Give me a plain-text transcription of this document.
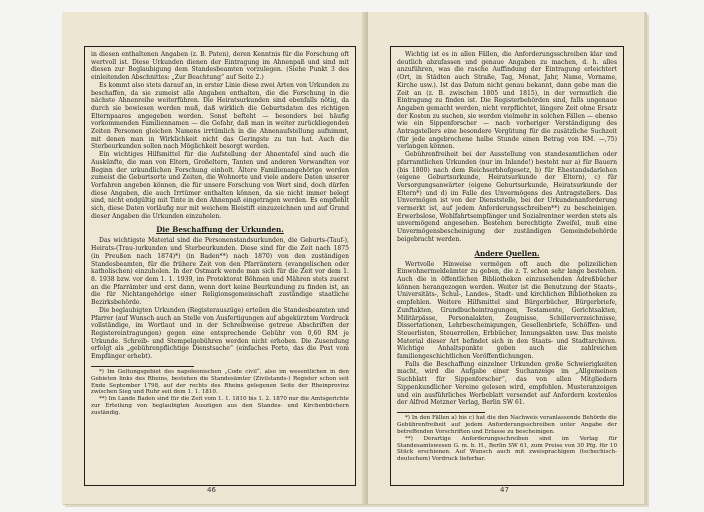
in diesen enthaltenen Angaben (z. B. Paten), deren Kenntnis für die Forschung oft wertvoll ist. Diese Urkunden dienen der Eintragung im Ahnenpaß und sind mit diesen zur Beglaubigung dem Standesbeamten vorzulegen. (Siehe Punkt 3 des einleitenden Abschnittes: „Zur Beachtung“ auf Seite 2.)

Es kommt also stets darauf an, in erster Linie diese zwei Arten von Urkunden zu beschaffen, da sie zumeist alle Angaben enthalten, die die Forschung in die nächste Ahnenreihe weiterführen. Die Heiratsurkunden sind ebenfalls nötig, da durch sie bewiesen werden muß, daß wirklich die Geburtsdaten des richtigen Elternpaares angegeben werden. Sonst befteht — besonders bei häufig vorkommenden Familiennamen — die Gefahr, daß man in weiter zurückliegenden Zeiten Personen gleichen Namens irrtümlich in die Ahnenaufstellung aufnimmt, mit denen man in Wirklichkeit nicht das Geringste zu tun hat. Auch die Sterbeurkunden sollen nach Möglichkeit besorgt werden.

Ein wichtiges Hilfsmittel für die Aufstellung der Ahnentafel sind auch die Auskünfte, die man von Eltern, Großeltern, Tanten und anderen Verwandten vor Beginn der urkundlichen Forschung einholt. Ältere Familienangehörige werden zumeist die Geburtsorte und Zeiten, die Wohnorte und viele andere Daten unserer Vorfahren angeben können, die für unsere Forschung von Wert sind, doch dürfen diese Angaben, die auch Irrtümer enthalten können, da sie nicht immer belegt sind, nicht endgültig mit Tinte in den Ahnenpaß eingetragen werden. Es empfiehlt sich, diese Daten vorläufig nur mit weichem Bleistift einzuzeichnen und auf Grund dieser Angaben die Urkunden einzuholen.

Die Beschaffung der Urkunden.

Das wichtigste Material sind die Personenstandsurkunden, die Geburts-(Tauf-), Heirats-(Trau-)urkunden und Sterbeurkunden. Diese sind für die Zeit nach 1875 (in Preußen nach 1874)*) (in Baden**) nach 1870) von den zuständigen Standesbeamten, für die frühere Zeit von den Pfarrämtern (evangelischen oder katholischen) einzuholen. In der Ostmark wende man sich für die Zeit vor dem 1. 8. 1938 bzw. vor dem 1. 1. 1939, im Protektorat Böhmen und Mähren stets zuerst an die Pfarrämter und erst dann, wenn dort keine Beurkundung zu finden ist, an die für Nichtangehörige einer Religionsgemeinschaft zuständige staatliche Bezirksbehörde.

Die beglaubigten Urkunden (Registerauszüge) erteilen die Standesbeamten und Pfarrer (auf Wunsch auch an Stelle von Ausfertigungen auf abgekürztem Vordruck vollständige, im Wortlaut und in der Schreibweise getreue Abschriften der Registereintragungen) gegen eine entsprechende Gebühr von 0,60 RM je Urkunde. Schreib- und Stempelgebühren werden nicht erhoben. Die Zusendung erfolgt als „gebührenpflichtige Dienstsache“ (einfaches Porto, das die Post vom Empfänger erhebt).

*) Im Geltungsgebiet des napoleonischen „Code civil“, also im wesentlichen in den Gebieten links des Rheins, bestehen die Standesämter (Zivilstands-) Register schon seit Ende September 1798, auf der rechts des Rheins gelegenen Seite der Rheinprovinz zwischen Sieg und Ruhr seit dem 1. 1. 1810.

**) Im Lande Baden sind für die Zeit vom 1. 1. 1810 bis 1. 2. 1870 nur die Amtsgerichte zur Erteilung von beglaubigten Auszügen aus den Standes- und Kirchenbüchern zuständig.

46

Wichtig ist es in allen Fällen, die Anforderungsschreiben klar und deutlich abzufassen und genaue Angaben zu machen, d. h. alles anzuführen, was die rasche Auffindung der Eintragung erleichtert (Ort, in Städten auch Straße, Tag, Monat, Jahr, Name, Vorname, Kirche usw.). Ist das Datum nicht genau bekannt, dann gebe man die Zeit an (z. B. zwischen 1805 und 1815), in der vermutlich die Eintragung zu finden ist. Die Registerbehörden sind, falls ungenaue Angaben gemacht werden, nicht verpflichtet, längere Zeit ohne Ersatz der Kosten zu suchen, sie werden vielmehr in solchen Fällen — ebenso wie ein Sippenforscher — nach vorheriger Verständigung des Antragstellers eine besondere Vergütung für die zusätzliche Suchzeit (für jede angebrochene halbe Stunde einen Betrag von RM. —,75) verlangen können.

Gebührenfreiheit bei der Ausstellung von standesamtlichen oder pfarramtlichen Urkunden (nur im Inlande!) besteht nur a) für Bauern (bis 1800) nach dem Reichserbhofgesetz, b) für Ehestandsdarlehen (eigene Geburtsurkunde, Heiratsurkunde der Eltern), c) für Versorgungsanwärter (eigene Geburtsurkunde, Heiratsurkunde der Eltern*) und d) im Falle des Unvermögens des Antragstellers. Das Unvermögen ist von der Dienststelle, bei der Urkundenanforderung vermerkt ist, auf jedem Anforderungsschreiben**) zu bescheinigen. Erwerbslose, Wohlfahrtsempfänger und Sozialrentner werden stets als unvermögend angesehen. Bestehen berechtigte Zweifel, muß eine Unvermögensbescheinigung der zuständigen Gemeindebehörde beigebracht werden.

Andere Quellen.

Wertvolle Hinweise vermögen oft auch die polizeilichen Einwohnermeldeämter zu geben, die z. T. schon sehr lange bestehen. Auch die in öffentlichen Bibliotheken einzusehenden Adreßbücher können herangezogen werden. Weiter ist die Benutzung der Staats-, Universitäts-, Schul-, Landes-, Stadt- und kirchlichen Bibliotheken zu empfehlen. Weitere Hilfsmittel sind Bürgerbücher, Bürgerbriefe, Zunftakten, Grundbucheintragungen, Testamente, Gerichtsakten, Militärpässe, Personalakten, Zeugnisse, Schülerverzeichnisse, Dissertationen, Lehrbescheinigungen, Gesellenbriefe, Schöffen- und Steuerlisten, Steuerrollen, Erbbücher, Innungsakten usw. Das meiste Material dieser Art befindet sich in den Staats- und Stadtarchiven. Wichtige Anhaltspunkte geben auch die zahlreichen familiengeschichtlichen Veröffentlichungen.

Falls die Beschaffung einzelner Urkunden große Schwierigkeiten macht, wird die Aufgabe einer Suchanzeige im „Allgemeinen Suchblatt für Sippenforscher“, das von allen Mitgliedern Sippenkundlicher Vereine gelesen wird, empfohlen. Musteranzeigen und ein ausführliches Werbeblatt versendet auf Anfordern kostenlos der Alfred Metzner Verlag, Berlin SW 61.

*) In den Fällen a) bis c) hat die den Nachweis veranlassende Behörde die Gebührenfreiheit auf jedem Anforderungsschreiben unter Angabe der betreffenden Vorschriften und Erlasse zu bescheinigen.

**) Derartige Anforderungsschreiben sind im Verlag für Standesamtswesen G. m. b. H., Berlin SW 61, zum Preise von 30 Pfg. für 10 Stück erschienen. Auf Wunsch auch mit zweisprachigem (tschechisch-deutschem) Vordruck lieferbar.

47
